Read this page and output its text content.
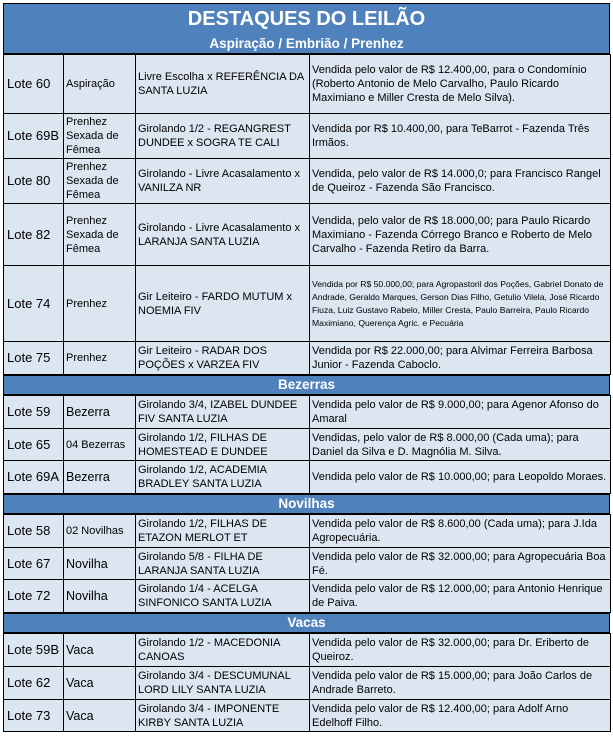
DESTAQUES DO LEILÃO
Aspiração / Embrião / Prenhez
Lote 60	Aspiração	Livre Escolha x REFERÊNCIA DA SANTA LUZIA	Vendida pelo valor de R$ 12.400,00, para o Condomínio (Roberto Antonio de Melo Carvalho, Paulo Ricardo Maximiano e Miller Cresta de Melo Silva).
Lote 69B	Prenhez Sexada de Fêmea	Girolando 1/2 - REGANGREST DUNDEE x SOGRA TE CALI	Vendida por R$ 10.400,00, para TeBarrot - Fazenda Três Irmãos.
Lote 80	Prenhez Sexada de Fêmea	Girolando - Livre Acasalamento x VANILZA NR	Vendida, pelo valor de R$ 14.000,0; para Francisco Rangel de Queiroz - Fazenda São Francisco.
Lote 82	Prenhez Sexada de Fêmea	Girolando - Livre Acasalamento x LARANJA SANTA LUZIA	Vendida, pelo valor de R$ 18.000,00; para Paulo Ricardo Maximiano - Fazenda Córrego Branco e Roberto de Melo Carvalho - Fazenda Retiro da Barra.
Lote 74	Prenhez	Gir Leiteiro - FARDO MUTUM x NOEMIA FIV	Vendida por R$ 50.000,00; para Agropastoril dos Poções, Gabriel Donato de Andrade, Geraldo Marques, Gerson Dias Filho, Getulio Vilela, José Ricardo Fiuza, Luiz Gustavo Rabelo, Miller Cresta, Paulo Barreira, Paulo Ricardo Maximiano, Querença Agric. e Pecuária
Lote 75	Prenhez	Gir Leiteiro - RADAR DOS POÇÕES x VARZEA FIV	Vendida por R$ 22.000,00; para Alvimar Ferreira Barbosa Junior - Fazenda Caboclo.
Bezerras
Lote 59	Bezerra	Girolando 3/4, IZABEL DUNDEE FIV SANTA LUZIA	Vendida pelo valor de R$ 9.000,00; para Agenor Afonso do Amaral
Lote 65	04 Bezerras	Girolando 1/2, FILHAS DE HOMESTEAD E DUNDEE	Vendidas, pelo valor de R$ 8.000,00 (Cada uma); para Daniel da Silva e D. Magnólia M. Silva.
Lote 69A	Bezerra	Girolando 1/2, ACADEMIA BRADLEY SANTA LUZIA	Vendida pelo valor de R$ 10.000,00; para Leopoldo Moraes.
Novilhas
Lote 58	02 Novilhas	Girolando 1/2, FILHAS DE ETAZON MERLOT ET	Vendida pelo valor de R$ 8.600,00 (Cada uma); para J.Ida Agropecuária.
Lote 67	Novilha	Girolando 5/8 - FILHA DE LARANJA SANTA LUZIA	Vendida pelo valor de R$ 32.000,00; para Agropecuária Boa Fé.
Lote 72	Novilha	Girolando 1/4 - ACELGA SINFONICO SANTA LUZIA	Vendida pelo valor de R$ 12.000,00; para Antonio Henrique de Paiva.
Vacas
Lote 59B	Vaca	Girolando 1/2 - MACEDONIA CANOAS	Vendida pelo valor de R$ 32.000,00; para Dr. Eriberto de Queiroz.
Lote 62	Vaca	Girolando 3/4 - DESCUMUNAL LORD LILY SANTA LUZIA	Vendida pelo valor de R$ 15.000,00; para João Carlos de Andrade Barreto.
Lote 73	Vaca	Girolando 3/4 - IMPONENTE KIRBY SANTA LUZIA	Vendida pelo valor de R$ 12.400,00; para Adolf Arno Edelhoff Filho.
